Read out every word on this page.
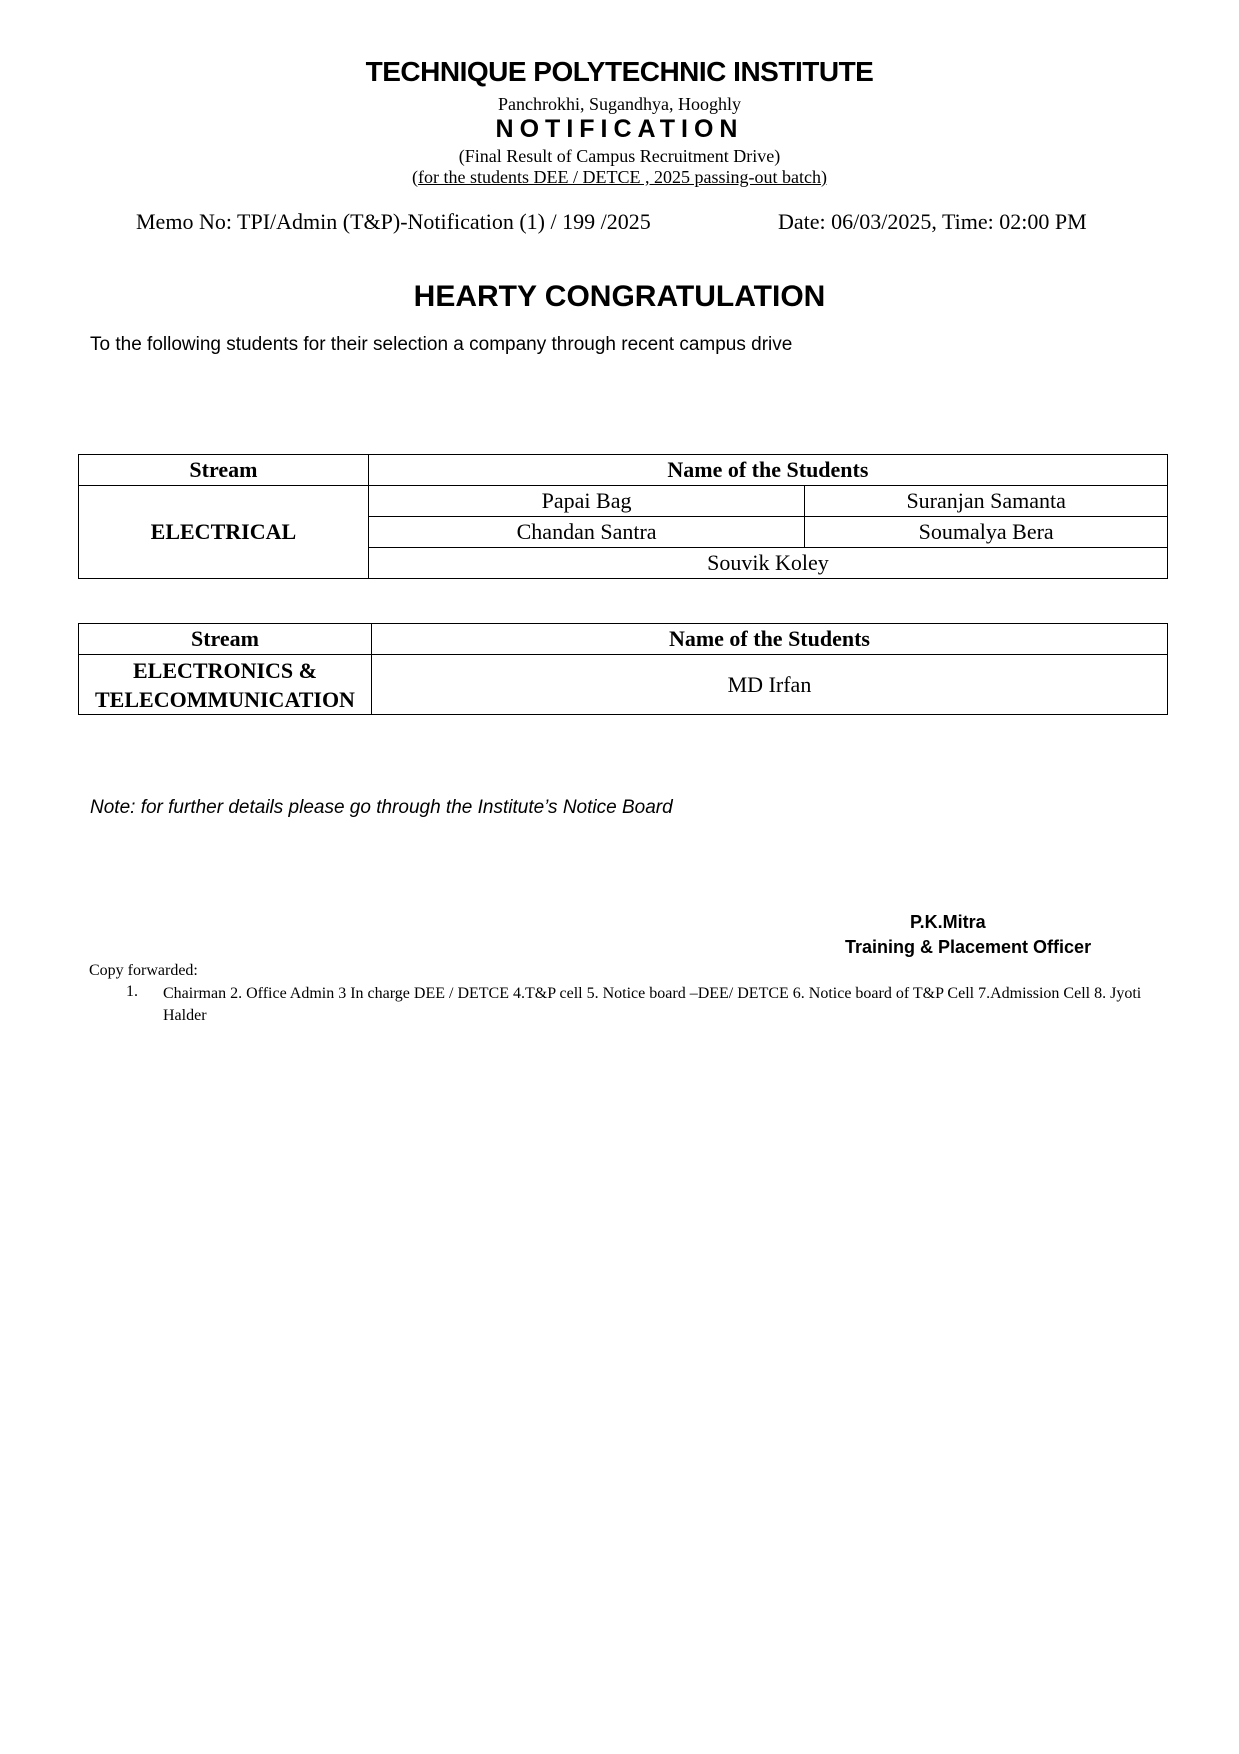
TECHNIQUE POLYTECHNIC INSTITUTE
Panchrokhi, Sugandhya, Hooghly
NOTIFICATION
(Final Result of Campus Recruitment Drive)
(for the students DEE / DETCE , 2025 passing-out batch)
Memo No: TPI/Admin (T&P)-Notification (1) / 199 /2025	Date: 06/03/2025, Time: 02:00 PM
HEARTY CONGRATULATION
To the following students for their selection a company through recent campus drive
Stream	Name of the Students	
ELECTRICAL	Papai Bag	Suranjan Samanta
	Chandan Santra	Soumalya Bera
	Souvik Koley	
Stream	Name of the Students

ELECTRONICS &
TELECOMMUNICATION	MD Irfan
Note: for further details please go through the Institute’s Notice Board
P.K.Mitra
Training & Placement Officer
Copy forwarded:
1. Chairman 2. Office Admin 3 In charge DEE / DETCE 4.T&P cell 5. Notice board –DEE/ DETCE 6. Notice board of T&P Cell 7.Admission Cell 8. Jyoti Halder
